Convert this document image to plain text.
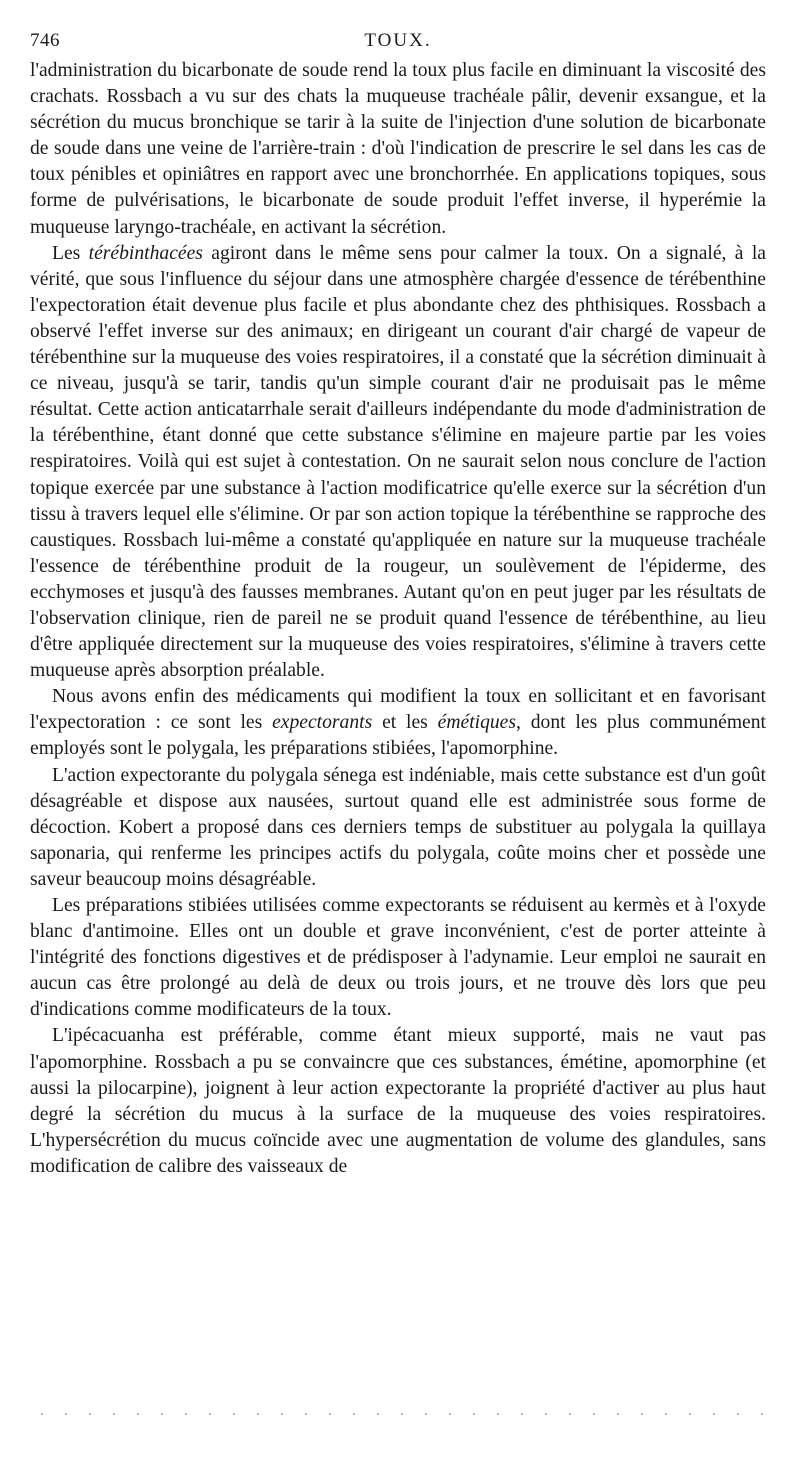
746	TOUX.

l'administration du bicarbonate de soude rend la toux plus facile en diminuant la viscosité des crachats. Rossbach a vu sur des chats la muqueuse trachéale pâlir, devenir exsangue, et la sécrétion du mucus bronchique se tarir à la suite de l'injection d'une solution de bicarbonate de soude dans une veine de l'arrière-train : d'où l'indication de prescrire le sel dans les cas de toux pénibles et opiniâtres en rapport avec une bronchorrhée. En applications topiques, sous forme de pulvérisations, le bicarbonate de soude produit l'effet inverse, il hyperémie la muqueuse laryngo-trachéale, en activant la sécrétion.

Les térébinthacées agiront dans le même sens pour calmer la toux. On a signalé, à la vérité, que sous l'influence du séjour dans une atmosphère chargée d'essence de térébenthine l'expectoration était devenue plus facile et plus abondante chez des phthisiques. Rossbach a observé l'effet inverse sur des animaux; en dirigeant un courant d'air chargé de vapeur de térébenthine sur la muqueuse des voies respiratoires, il a constaté que la sécrétion diminuait à ce niveau, jusqu'à se tarir, tandis qu'un simple courant d'air ne produisait pas le même résultat. Cette action anticatarrhale serait d'ailleurs indépendante du mode d'administration de la térébenthine, étant donné que cette substance s'élimine en majeure partie par les voies respiratoires. Voilà qui est sujet à contestation. On ne saurait selon nous conclure de l'action topique exercée par une substance à l'action modificatrice qu'elle exerce sur la sécrétion d'un tissu à travers lequel elle s'élimine. Or par son action topique la térébenthine se rapproche des caustiques. Rossbach lui-même a constaté qu'appliquée en nature sur la muqueuse trachéale l'essence de térébenthine produit de la rougeur, un soulèvement de l'épiderme, des ecchymoses et jusqu'à des fausses membranes. Autant qu'on en peut juger par les résultats de l'observation clinique, rien de pareil ne se produit quand l'essence de térébenthine, au lieu d'être appliquée directement sur la muqueuse des voies respiratoires, s'élimine à travers cette muqueuse après absorption préalable.

Nous avons enfin des médicaments qui modifient la toux en sollicitant et en favorisant l'expectoration : ce sont les expectorants et les émétiques, dont les plus communément employés sont le polygala, les préparations stibiées, l'apomorphine.

L'action expectorante du polygala sénega est indéniable, mais cette substance est d'un goût désagréable et dispose aux nausées, surtout quand elle est administrée sous forme de décoction. Kobert a proposé dans ces derniers temps de substituer au polygala la quillaya saponaria, qui renferme les principes actifs du polygala, coûte moins cher et possède une saveur beaucoup moins désagréable.

Les préparations stibiées utilisées comme expectorants se réduisent au kermès et à l'oxyde blanc d'antimoine. Elles ont un double et grave inconvénient, c'est de porter atteinte à l'intégrité des fonctions digestives et de prédisposer à l'adynamie. Leur emploi ne saurait en aucun cas être prolongé au delà de deux ou trois jours, et ne trouve dès lors que peu d'indications comme modificateurs de la toux.

L'ipécacuanha est préférable, comme étant mieux supporté, mais ne vaut pas l'apomorphine. Rossbach a pu se convaincre que ces substances, émétine, apomorphine (et aussi la pilocarpine), joignent à leur action expectorante la propriété d'activer au plus haut degré la sécrétion du mucus à la surface de la muqueuse des voies respiratoires. L'hypersécrétion du mucus coïncide avec une augmentation de volume des glandules, sans modification de calibre des vaisseaux de
